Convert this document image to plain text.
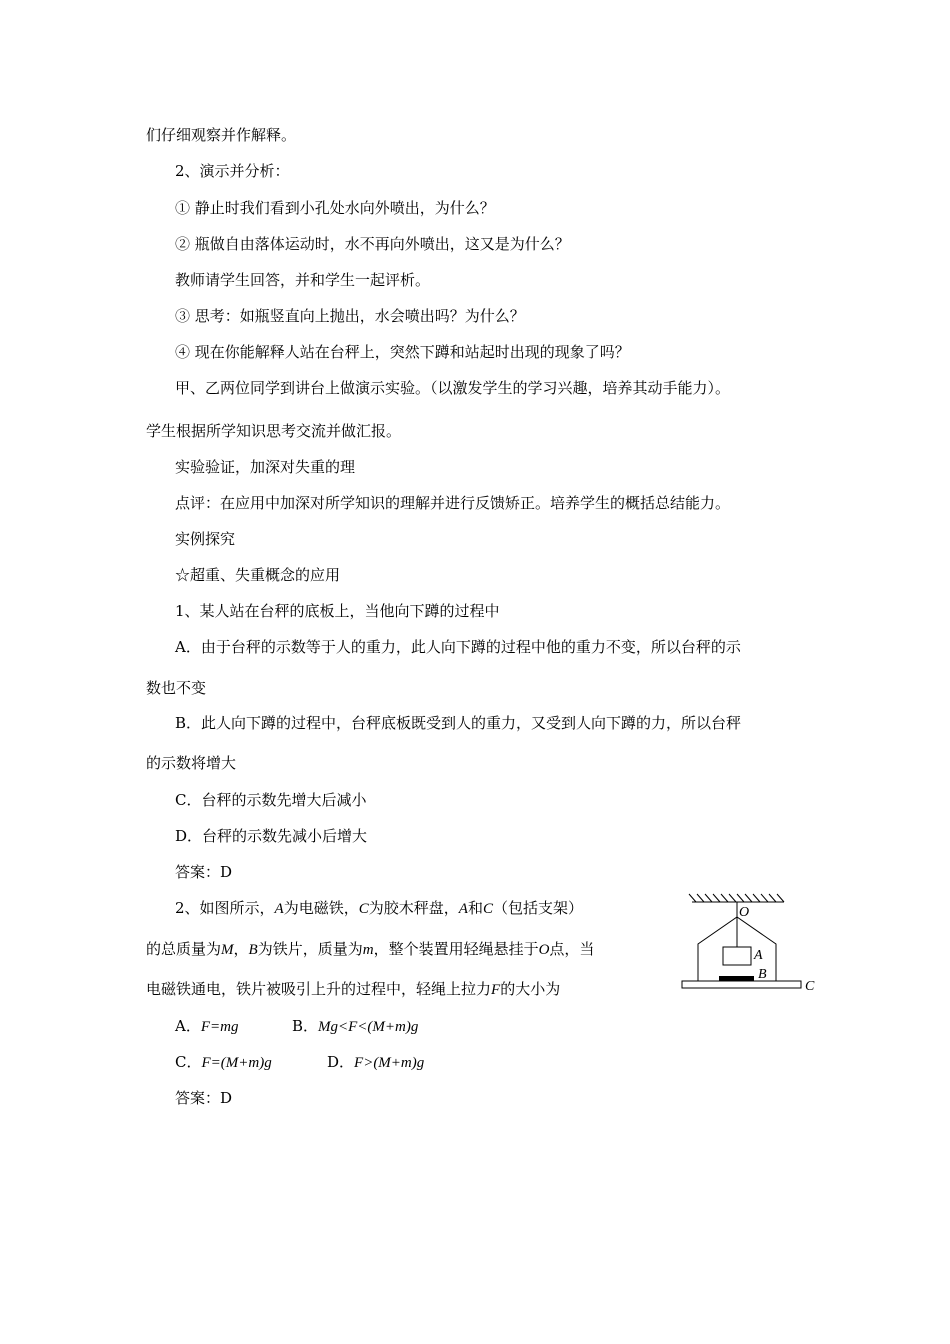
们仔细观察并作解释。
2、演示并分析：
① 静止时我们看到小孔处水向外喷出，为什么？
② 瓶做自由落体运动时，水不再向外喷出，这又是为什么？
教师请学生回答，并和学生一起评析。
③ 思考：如瓶竖直向上抛出，水会喷出吗？为什么？
④ 现在你能解释人站在台秤上，突然下蹲和站起时出现的现象了吗？
甲、乙两位同学到讲台上做演示实验。（以激发学生的学习兴趣，培养其动手能力）。
学生根据所学知识思考交流并做汇报。
实验验证，加深对失重的理
点评：在应用中加深对所学知识的理解并进行反馈矫正。培养学生的概括总结能力。
实例探究
☆超重、失重概念的应用
1、某人站在台秤的底板上，当他向下蹲的过程中
A．由于台秤的示数等于人的重力，此人向下蹲的过程中他的重力不变，所以台秤的示
数也不变
B．此人向下蹲的过程中，台秤底板既受到人的重力，又受到人向下蹲的力，所以台秤
的示数将增大
C．台秤的示数先增大后减小
D．台秤的示数先减小后增大
答案：D
2、如图所示，A为电磁铁，C为胶木秤盘，A和C（包括支架）
的总质量为M，B为铁片，质量为m，整个装置用轻绳悬挂于O点，当
电磁铁通电，铁片被吸引上升的过程中，轻绳上拉力F的大小为
A．F=mg	B．Mg<F<(M+m)g
C．F=(M+m)g	D．F>(M+m)g
答案：D
O
A
B
C
